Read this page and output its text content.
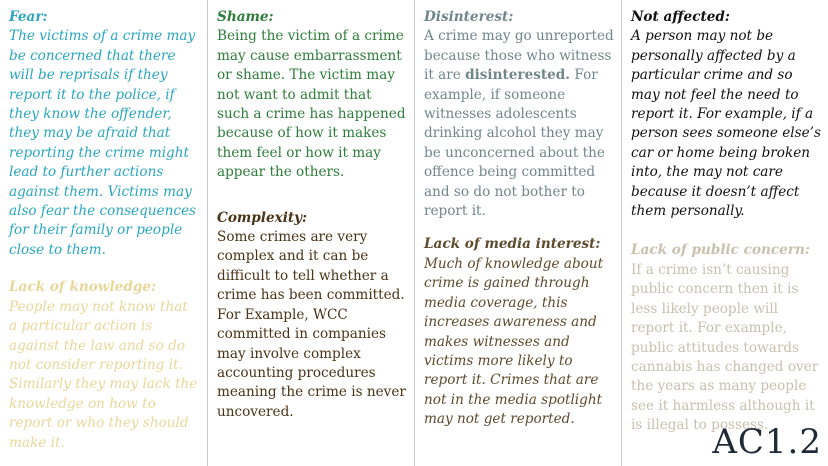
Fear:
The victims of a crime may be concerned that there will be reprisals if they report it to the police, if they know the offender, they may be afraid that reporting the crime might lead to further actions against them. Victims may also fear the consequences for their family or people close to them.
Lack of knowledge:
People may not know that a particular action is against the law and so do not consider reporting it. Similarly they may lack the knowledge on how to report or who they should make it.
Shame:
Being the victim of a crime may cause embarrassment or shame. The victim may not want to admit that such a crime has happened because of how it makes them feel or how it may appear the others.
Complexity:
Some crimes are very complex and it can be difficult to tell whether a crime has been committed. For Example, WCC committed in companies may involve complex accounting procedures meaning the crime is never uncovered.
Disinterest:
A crime may go unreported because those who witness it are disinterested. For example, if someone witnesses adolescents drinking alcohol they may be unconcerned about the offence being committed and so do not bother to report it.
Lack of media interest:
Much of knowledge about crime is gained through media coverage, this increases awareness and makes witnesses and victims more likely to report it. Crimes that are not in the media spotlight may not get reported.
Not affected:
A person may not be personally affected by a particular crime and so may not feel the need to report it. For example, if a person sees someone else’s car or home being broken into, the may not care because it doesn’t affect them personally.
Lack of public concern:
If a crime isn’t causing public concern then it is less likely people will report it. For example, public attitudes towards cannabis has changed over the years as many people see it harmless although it is illegal to possess.
AC1.2
